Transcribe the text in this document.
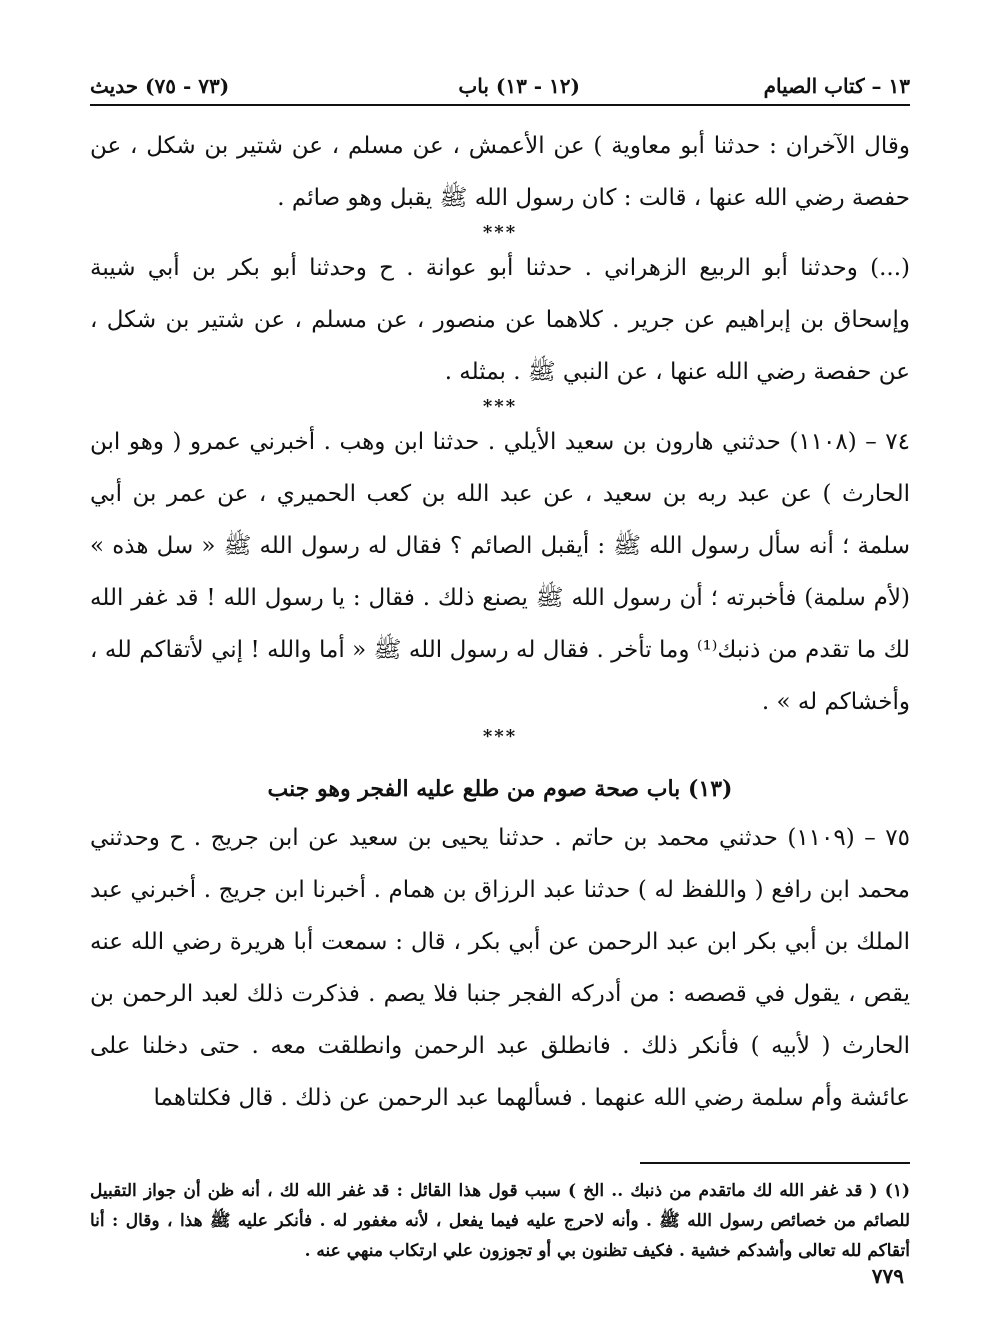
١٣ – كتاب الصيام
(١٢ - ١٣) باب
(٧٣ - ٧٥) حديث

وقال الآخران : حدثنا أبو معاوية ) عن الأعمش ، عن مسلم ، عن شتير بن شكل ، عن حفصة رضي الله عنها ، قالت : كان رسول الله ﷺ يقبل وهو صائم .

***

(...) وحدثنا أبو الربيع الزهراني . حدثنا أبو عوانة . ح وحدثنا أبو بكر بن أبي شيبة وإسحاق بن إبراهيم عن جرير . كلاهما عن منصور ، عن مسلم ، عن شتير بن شكل ، عن حفصة رضي الله عنها ، عن النبي ﷺ . بمثله .

***

٧٤ – (١١٠٨) حدثني هارون بن سعيد الأيلي . حدثنا ابن وهب . أخبرني عمرو ( وهو ابن الحارث ) عن عبد ربه بن سعيد ، عن عبد الله بن كعب الحميري ، عن عمر بن أبي سلمة ؛ أنه سأل رسول الله ﷺ : أيقبل الصائم ؟ فقال له رسول الله ﷺ « سل هذه » (لأم سلمة) فأخبرته ؛ أن رسول الله ﷺ يصنع ذلك . فقال : يا رسول الله ! قد غفر الله لك ما تقدم من ذنبك⁽¹⁾ وما تأخر . فقال له رسول الله ﷺ « أما والله ! إني لأتقاكم لله ، وأخشاكم له » .

***

(١٣) باب صحة صوم من طلع عليه الفجر وهو جنب

٧٥ – (١١٠٩) حدثني محمد بن حاتم . حدثنا يحيى بن سعيد عن ابن جريج . ح وحدثني محمد ابن رافع ( واللفظ له ) حدثنا عبد الرزاق بن همام . أخبرنا ابن جريج . أخبرني عبد الملك بن أبي بكر ابن عبد الرحمن عن أبي بكر ، قال : سمعت أبا هريرة رضي الله عنه يقص ، يقول في قصصه : من أدركه الفجر جنبا فلا يصم . فذكرت ذلك لعبد الرحمن بن الحارث ( لأبيه ) فأنكر ذلك . فانطلق عبد الرحمن وانطلقت معه . حتى دخلنا على عائشة وأم سلمة رضي الله عنهما . فسألهما عبد الرحمن عن ذلك . قال فكلتاهما

(١) ( قد غفر الله لك ماتقدم من ذنبك .. الخ ) سبب قول هذا القائل : قد غفر الله لك ، أنه ظن أن جواز التقبيل للصائم من خصائص رسول الله ﷺ . وأنه لاحرج عليه فيما يفعل ، لأنه مغفور له . فأنكر عليه ﷺ هذا ، وقال : أنا أتقاكم لله تعالى وأشدكم خشية . فكيف تظنون بي أو تجوزون علي ارتكاب منهي عنه .

٧٧٩
